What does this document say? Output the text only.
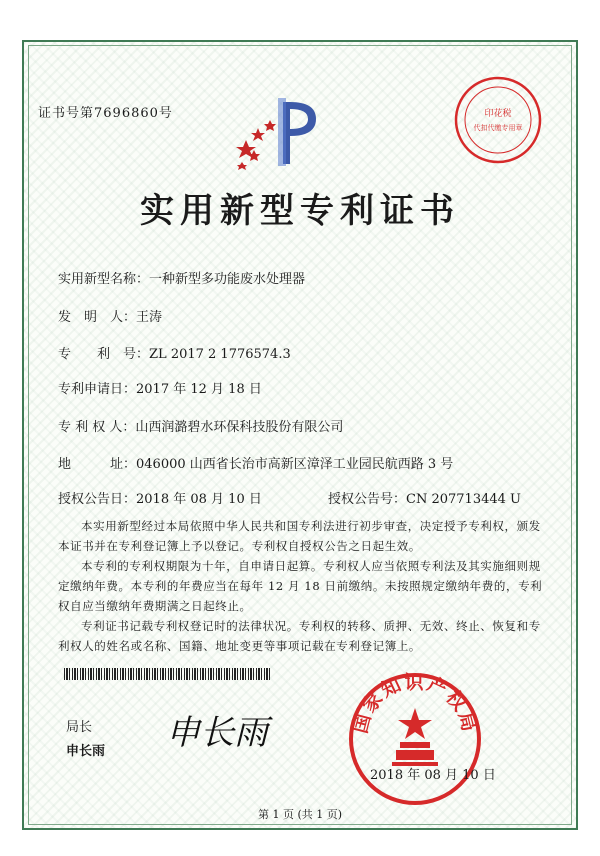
证书号第7696860号	印花税
代扣代缴专用章
实用新型专利证书
实用新型名称：一种新型多功能废水处理器
发　明　人：王涛
专　　利　号：ZL 2017 2 1776574.3
专利申请日：2017 年 12 月 18 日
专 利 权 人：山西润潞碧水环保科技股份有限公司
地　　　址：046000 山西省长治市高新区漳泽工业园民航西路 3 号
授权公告日：2018 年 08 月 10 日	授权公告号：CN 207713444 U
本实用新型经过本局依照中华人民共和国专利法进行初步审查，决定授予专利权，颁发本证书并在专利登记簿上予以登记。专利权自授权公告之日起生效。
本专利的专利权期限为十年，自申请日起算。专利权人应当依照专利法及其实施细则规定缴纳年费。本专利的年费应当在每年 12 月 18 日前缴纳。未按照规定缴纳年费的，专利权自应当缴纳年费期满之日起终止。
专利证书记载专利权登记时的法律状况。专利权的转移、质押、无效、终止、恢复和专利权人的姓名或名称、国籍、地址变更等事项记载在专利登记簿上。
局长
申长雨 申长雨	国家知识产权局
2018 年 08 月 10 日
第 1 页 (共 1 页)
